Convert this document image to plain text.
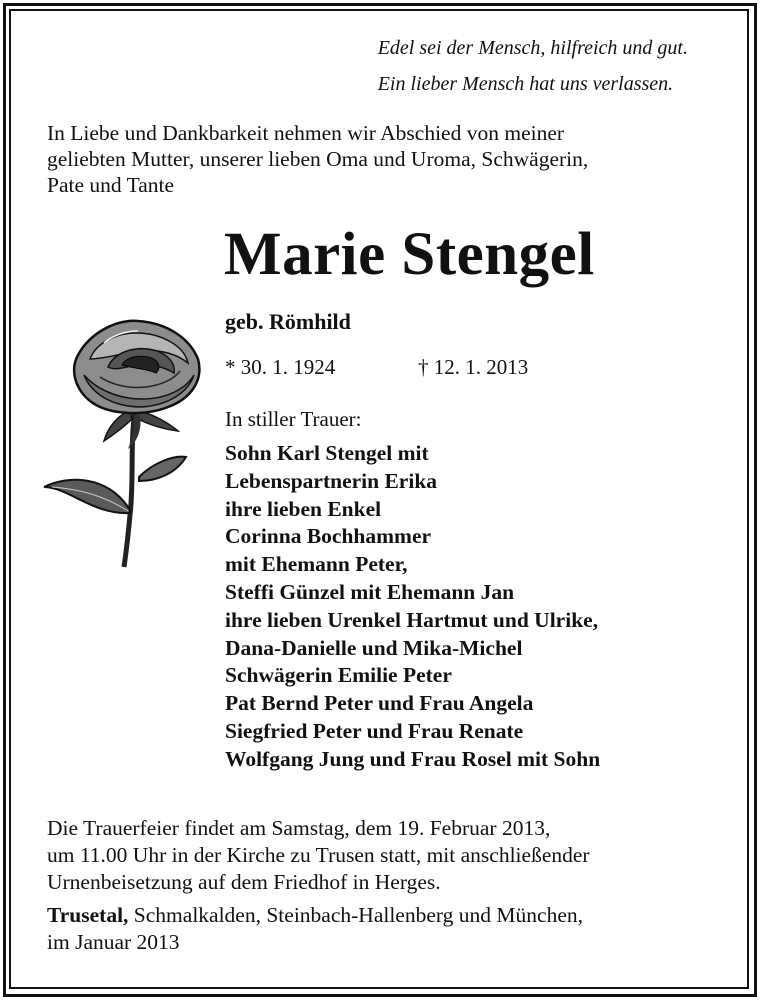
Edel sei der Mensch, hilfreich und gut.
Ein lieber Mensch hat uns verlassen.
In Liebe und Dankbarkeit nehmen wir Abschied von meiner
geliebten Mutter, unserer lieben Oma und Uroma, Schwägerin,
Pate und Tante
Marie Stengel
geb. Römhild
* 30. 1. 1924	† 12. 1. 2013
In stiller Trauer:
Sohn Karl Stengel mit
Lebenspartnerin Erika
ihre lieben Enkel
Corinna Bochhammer
mit Ehemann Peter,
Steffi Günzel mit Ehemann Jan
ihre lieben Urenkel Hartmut und Ulrike,
Dana-Danielle und Mika-Michel
Schwägerin Emilie Peter
Pat Bernd Peter und Frau Angela
Siegfried Peter und Frau Renate
Wolfgang Jung und Frau Rosel mit Sohn
Die Trauerfeier findet am Samstag, dem 19. Februar 2013,
um 11.00 Uhr in der Kirche zu Trusen statt, mit anschließender
Urnenbeisetzung auf dem Friedhof in Herges.
Trusetal, Schmalkalden, Steinbach-Hallenberg und München,
im Januar 2013
